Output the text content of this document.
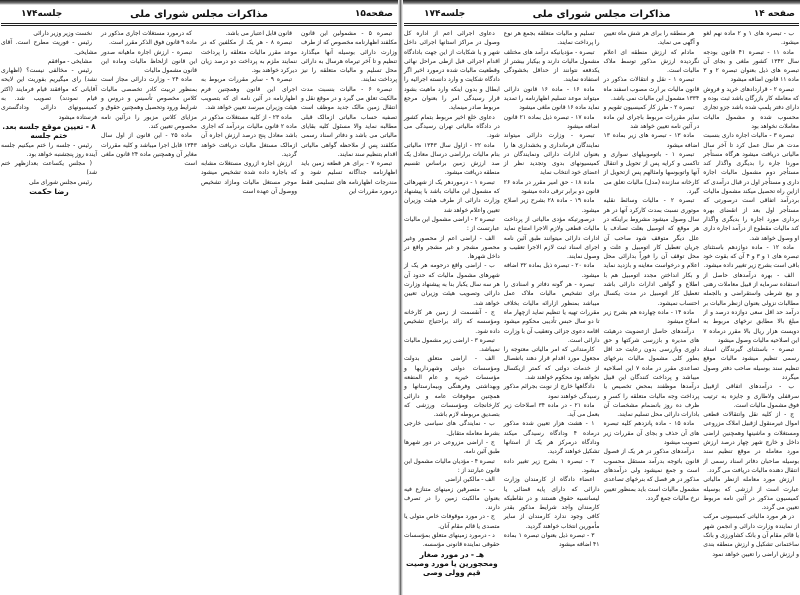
صفحه۱۵
مذاکرات مجلس شورای ملی
جلسه۱۷۴

تبصره ۵ - مشمولین این قانون مکلفند اظهارنامه مخصوص که از طرف وزارت دارائی بوسیله آنها میگذارد تنظیم و تا آخر تیرماه هرسال به دارائی محل تسلیم و مالیات متعلقه را نیز پرداخت نمایند.

تبصره ۶ - مالیات بنسبت مدت مالکیت تعلق می گیرد و در موقع نقل و انتقال زمین مالک جدید موظف است تصفیه حساب مالیاتی ازمالک قبلی مطالبه نماید والا مسئول کلیه بقایای مالیاتی می باشد و دفاتر اسناد رسمی مکلفند پس از ملاحظه گواهی مالیاتی اقدام بتنظیم سند نمایند.

تبصره ۷ - برای هر قطعه زمین باید اظهارنامه جداگانه تسلیم شود و مندرجات اظهارنامه های تسلیمی فقط درمورد مقررات این

قانون قابل اعتبار می باشد.

تبصره ۸ - هر یک از مکلفین که در موعد مقرر مالیات متعلقه را پرداخت ننمایند ملزم به پرداخت دو درصد زیان دیرکرد خواهند بود.

تبصره ۹ - سایر مقررات مربوط به اجرای این قانون وهمچنین فرم اظهارنامه در آئین نامه ای که بتصویب هیئت وزیران میرسد تعیین خواهد شد.

ماده ۲۳ - از کلیه مستغلات مذکور در ماده ۲ قانون مالیات بردرآمد که اجاری باشد معادل پنج درصد ارزش اجاره آن ازمالک مستغل مالیات دریافت خواهد گردید.

ارزش اجاره ازروی مستغلات مشابه که باجاره داده شده تشخیص میشود موجر مستغل مالیات ومازاد تشخیص ووصول آن عهده است

که درمورد مستغلات اجاری مذکور در ماده ۹ قانون فوق الذکر مقرر است.

تبصره - ارزش اجاره ماهیانه صدور این قانون ازلحاظ مالیات وماده این قانون مشمول مالیات

ماده ۲۴ - وزارت دارائی مجاز است بمنظور تربیت کادر تخصصی مالیات کلاس مخصوص تأسیس و دروس و شرایط ورود وتحصیل وهمچنین حقوق و مزایای کلاس مزبور را درآئین نامه مخصوص تعیین کند.

ماده ۲۵ - این قانون از اول سال ۱۳۴۳ قابل اجرا میباشد و کلیه مقررات مغایر آن وهمچنین ماده ۲۴ قانون ملغی است

نخست وزیر وزیر دارائی

رئیس - فوریت مطرح است. آقای مشایخی.

مشایخی - موافقم

رئیس - مخالفی نیست؟ (اظهاری نشد) رای میگیریم بفوریت این لایحه آقایانی که موافقند قیام فرمایند (اکثر قیام نمودند) تصویب شد. به کمیسیونهای دارائی ودادگستری فرستاده میشود

۸ - تعیین موقع جلسه بعد.

ختم جلسه

رئیس - جلسه را ختم میکنیم جلسه آینده روز پنجشنبه خواهد بود.

( مجلس یکساعت بعدازظهر ختم شد)

رئیس مجلس شورای ملی

رضا حکمت

صفحه ۱۴
مذاکرات مجلس شورای ملی
جلسه۱۷۴

ب - تبصره های ۱ و ۲ ماده نهم لغو میشود.

ماده ۱۱ - تبصره ۴۱ قانون بودجه سال ۱۳۴۲ کشور ملغی و بجای آن تبصره های ذیل بعنوان تبصره ۲ و ۳ ماده ۱۱ قانون اضافه میشود

تبصره ۲ - قراردادهای خرید و فروش که معامله کار بازرگان باشد ثبت بوده و دارای دفتر پلمپ شده باشد جزو تجاری محسوب شده و مشمول مالیات معاملات نخواهد بود

تبصره ۳ - مالیات اجاره داری بنسبت مدت هر سال عمل کرد تا آخر سال مالیاتی دریافت میشود هرگاه مستأجر موردا جاره را بدیگری واگذار کند مستأجر دوم مشمول مالیات اجاره داری و مستأجر اول در قبال درآمدی که ازاین راه تحصیل میکند مشمول مالیات بردرآمد اتفاقی است درصورتی که مستأجر اول بعد از انقضای بهره برداری مورد اجاره را بدیگری واگذار کند مالیات مقطوع از درآمد اجاره داری او وصول خواهد شد.

ماده ۱۲ - ماده دوازدهم باستثنای تبصره های ۱ و ۳ و ۴ آن که بقوت خود باقی است بشرح زیر تغییر داده میشود.

الف - بهره درآمدهای حاصل از استفاده سرمایه از قبیل معاملات رهنی و بیع شرطی واستقراضی و بالجمله مطالبات نزولی بعنوان ازنظر مالیات بر درآمد حد اقل سعی دوازده درصد و از مبلغ بالا مطابق نرخهای مربوط به دویست هزار ریال بالا مقرر درماده ۷ این اصلاحیه مالیات وصول میشود

تبصره - باستثنای گیرندگان اسناد رسمی تنظیم میشود مالیات موقع تنظیم سند بوسیله صاحب دفتر وصول میگردد

ب - درآمدهای اتفاقی ازقبیل سرقفلی ولاطاری و جایزه به ترتیب فوق مشمول مالیات است.

ج - از کلیه نقل وانتقالات قطعی اموال غیرمنقول ازقبیل املاک مزروعی ومستغلات و ماشینها وهمچنین اراضی داخل و خارج شهر چهار درصد ارزش مورد معامله در موقع تنظیم سند بوسیله صاحبان دفاتر اسناد رسمی از انتقال دهنده مالیات دریافت می گردد.

ارزش مورد معامله ازنظر مالیاتی عبارت است از ارزشی که بوسیله کمیسیون مذکور در آئین نامه مربوط تعیین می گردد.

در هر مورد مالیاتی کمیسیونی مرکب از نماینده وزارت دارائی و انجمن شهر یا قائم مقام آن و بانک کشاورزی و بانک ساختمانی تشکیل و ارزش منطقه بندی و ارزش اراضی را تعیین خواهد نمود

هر منطقه را برای هر شش ماه تعیین و آگهی می نماید.

مادام که ارزش منطقه ای اعلام نگردیده ارزش مذکور توسط ملاک مالیات است.

تبصره ۱ - نقل و انتقالات مذکور در قانون مالیات بر ارث مصوب اسفند ماه ۱۳۳۴ مشمول این مالیات نمی باشد.

تبصره ۲ - طرز کار کمیسیون تقویم و سایر مقررات مربوط باجرای این ماده در آئین نامه تعیین خواهد شد

ماده ۱۳ - تبصره های زیر بماده ۱۳ اضافه میشود

تبصره ۱ - باتوموبیلهای سواری و تاکسی و کرایه پس از تحویل و انتقال آنها واتوبوسها وامثالهم پس ازتحویل از کارخانه سازنده (مدل) مالیات تعلق می گیرد.

تبصره ۲ - مالیات وسائط نقلیه موتوری نسبت بمدت کارکرد آنها در هر سال وصول میشود مشروط براینکه در هر موقع که اتومبیل بعلت تصادف یا علل دیگر متوقف شود صاحب آن جریان تعطیل کار اتومبیل و علت و محل توقف آن را فوراً بدارائی محل اعلام و درخواست معاینه و بازدید نماید و بکار انداختن مجدد اتومبیل هم با اطلاع و گواهی ادارات دارائی باشد تعطیل کار اتومبیل در مدت یکسال احتساب نمیشود.

ماده ۱۴ - ماده چهارده هم بشرح زیر اصلاح میشود

درآمدهای حاصل ازعضویت درهیئت های مدیره و بازرسی شرکتها و حق داوری وبازرسی بدون رعایت حد اقل بطور کلی مشمول مالیات بنرخهای تصاعدی مقرر در ماده ۷ این اصلاحیه میباشد و پرداخت کنندگان این قبیل درآمدها موظفند بمحض تخصیص یا پرداخت وجه مالیات متعلقه را کسر و ظرف ده روز بانضمام مشخصات آن بادارات دارائی محل تسلیم نمایند.

ماده ۱۵ - ماده پانزدهم کلیه تبصره های آن حذف و بجای آن مقررات زیر تصویب میشود

درآمدهای مذکور در هر یک از فصول قانون باتوجه بدرآمد مستقل محسوب است و جمع نمیشود ولی درآمدهای مذکور در هر فصل که بنرخهای تصاعدی مشمول مالیات است باید بمنظور تعیین نرخ مالیات جمع گردد.

تسلیم و مالیات متعلقه بجمع هر نوع را پرداخت نمایند.

تبصره - مؤدیانیکه درآمد های مختلف مشمول مالیات دارند و بیکبار بیشتر از یکدفعه نتوانند از حداقل بخشودگی استفاده نمایند.

ماده ۱۶ - ماده ۱۶ قانون دارائی میتواند موعد تسلیم اظهارنامه را تمدید نماید ماده ۱۶ قانون ملغی میشود

ماده ۱۷ - تبصره ذیل بماده ۲۱ قانون اضافه میشود

تبصره - وزارت دارائی میتواند نمایندگان فرمانداری و بخشداری ها را بعنوان ادارات دارائی ونمایندگان در کمیسیونهای بدوی وتجدید نظر از اعضای خود انتخاب نماید

ماده ۱۸ - حق امیر مقرر در ماده ۲۶ قانون دو برابر ترقی داده میشود

ماده ۱۹ - ماده ۲۸ بشرح زیر اصلاح میشود.

درصورتیکه مؤدی مالیاتی از پرداخت مالیات قطعی ولازم الاجرا امتناع نماید ادارات دارائی میتوانند طبق آئین نامه اجرای اسناد ثبت لازم الاجرا تعقیب و وصول نمایند.

ماده ۲۰ - تبصره ذیل بماده ۳۲ اضافه میشود.

تبصره - هر گونه دفاتر و اسنادی را برای تشخیص مالیات ملاک عمل میباشد بمنظور ازارائه مالیات بخلاف مقررات تهیه یا تنظیم نماید ازچهار ماه تا دو سال حبس تأدیبی محکوم میشود اقامه دعوی جزائی وتعقیب آن با وزارت دارائی است.

کارمندانی که امر مالیاتی معتوجه را مجعول مورد اقدام قرار دهند بانفصال از خدمات دولتی که کمتر ازیکسال نخواهد بود محکوم خواهند شد.

دادگاهها خارج از نوبت بجرائم مذکور رسیدگی خواهند نمود

ماده ۲۱ - در ماده ۳۴ اصلاحات زیر بعمل می آید.

۱ - هشت هزار تعیین شده مذکور درماده ۴ ودادگاه رسیدگی میکند ودادگاه درمرکز هر یک از استانها تشکیل خواهند گردید.

۲ - تبصره ۱ بشرح زیر تغییر داده میشود.

اعضاء دادگاه از کارمندان وزارت دارائی که دارای پایه قضائی یا لیسانسیه حقوق هستند و در نقاطیکه کارمندان واجد شرایط مذکور بقدر کافی وجود ندارد کارمندان از سایر مأمورین انتخاب خواهند گردید.

۳ - تبصره ذیل بعنوان تبصره ۱ بماده ۴۱ اضافه میشود

دعاوی اجرائی اعم از اداره کل وصول در مراکز استانها اجرائی داخل شهر و یا شکایات از این جهت بادادگاه اقدام اجرائی قبل ازطی مراحل نهائی وقطعیت مالیات شده درمورد اخیر اگر دادگاه شکایت و وارد دانسته اجرائیه را ابطال و بدون اینکه وارد ماهیت بشود قرار رسیدگی امر را بعنوان مرجع مربوط صادر مینماید.

دعاوی خلع اخیر مربوط بتمام کشور در دادگاه مالیاتی تهران رسیدگی می شود.

ماده ۲۲ - ازاول سال ۱۳۴۳ مالیاتی بنام مالیات براراضی درسال معادل یک صد ارزش زمین براساس تقسیم منطقه دریافت میشود.

تبصره ۱ - درموردهر یک از شهرهائی که مشمول این مالیات باشد با پیشنهاد وزارت دارائی از طرف هیئت وزیران تعیین واعلام خواهد شد

تبصره ۲ - اراضی مشمول این مالیات عبارتست از :

الف - اراضی اعم از محصور وغیر محصور مشجر و غیر مشجر واقع در داخل شهرها.

ب - اراضی واقع درحومه هر یک از شهرهای مشمول مالیات که حدود آن هر سه سال یکبار بنا به پیشنهاد وزارت دارائی وتصویب هیئت وزیران تعیین خواهد شد.

ج - آنقسمت از زمین هر کارخانه ومؤسسه که زائد براحتیاج تشخیص داده شود.

تبصره ۳ - اراضی زیر مشمول مالیات نمیباشد.

الف - اراضی متعلق بدولت ومؤسسات دولتی وشهرداریها و مؤسسات خیریه و عام المنفعه وبهداشتی وفرهنگی وبیمارستانها و همچنین موقوفات عامه و دارائی کارخانجات ومؤسسات ورزشی که بتصدیق مربوطه لازم باشد.

ب - نمایندگی های سیاسی خارجی بشرط معامله متقابل.

ج - اراضی مزروعی در دور شهرها طبق آئین نامه.

تبصره ۴ - مؤدیان مالیات مشمول این قانون عبارتند از :

الف - مالکین اراضی

ب - متصرفین زمینهای متنازع فیه بعنوان مالکیت زمین را در تصرف دارند.

ج - در مورد موقوفات خاص متولی یا متصدی یا قائم مقام آنان.

د - درمورد زمینهای متعلق بمؤسسات حقوقی نماینده قانونی مؤسسه.

هـ - در مورد صغار ومحجورین یا مورد وصیت قیم وولی وصی
